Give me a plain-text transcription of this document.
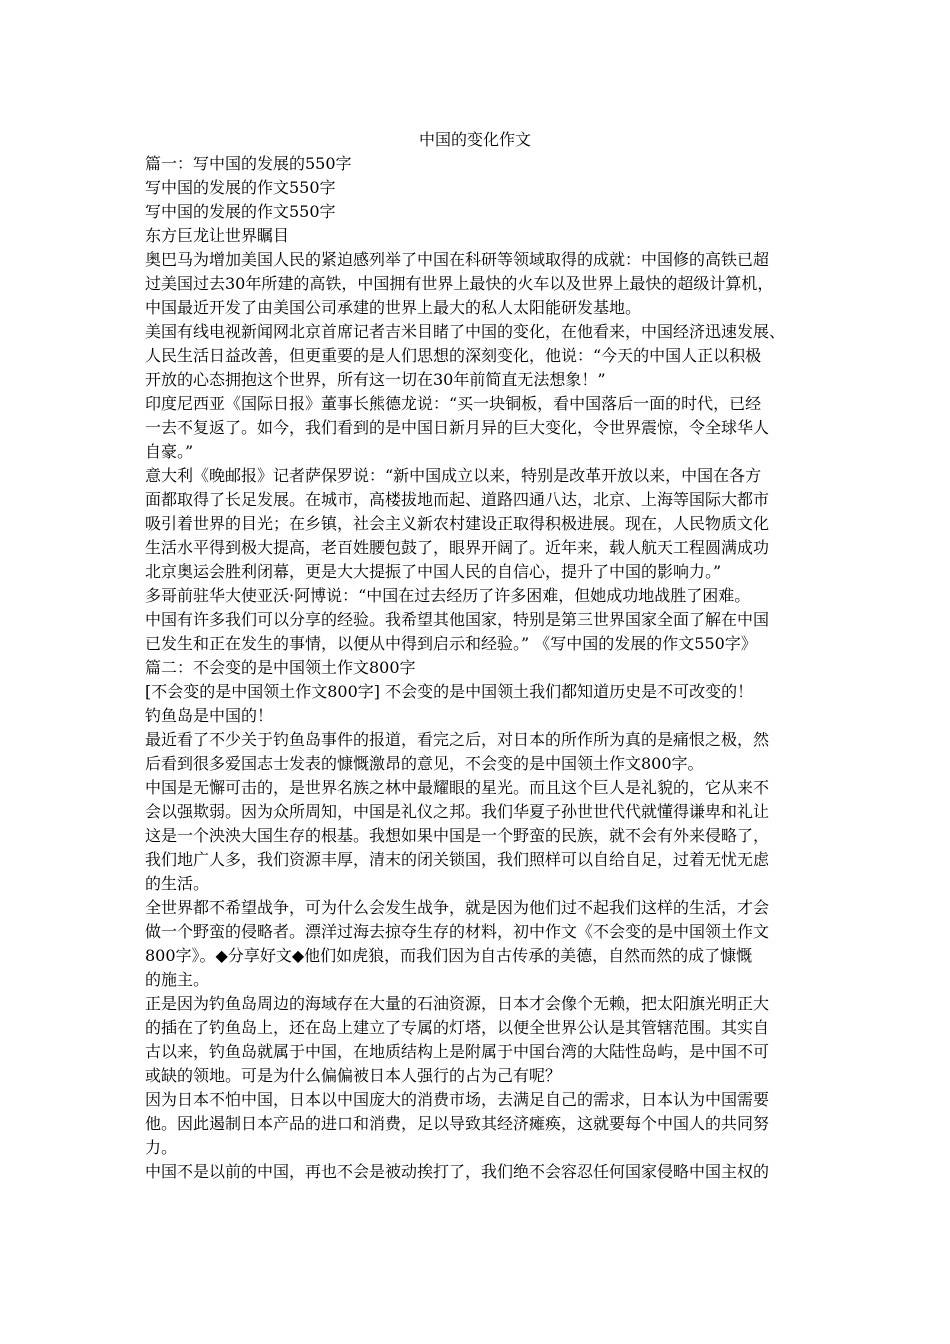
中国的变化作文
篇一：写中国的发展的550字
写中国的发展的作文550字
写中国的发展的作文550字
东方巨龙让世界瞩目
奥巴马为增加美国人民的紧迫感列举了中国在科研等领域取得的成就：中国修的高铁已超
过美国过去30年所建的高铁，中国拥有世界上最快的火车以及世界上最快的超级计算机，
中国最近开发了由美国公司承建的世界上最大的私人太阳能研发基地。
美国有线电视新闻网北京首席记者吉米目睹了中国的变化，在他看来，中国经济迅速发展、
人民生活日益改善，但更重要的是人们思想的深刻变化，他说：“今天的中国人正以积极
开放的心态拥抱这个世界，所有这一切在30年前简直无法想象！”
印度尼西亚《国际日报》董事长熊德龙说：“买一块铜板，看中国落后一面的时代，已经
一去不复返了。如今，我们看到的是中国日新月异的巨大变化，令世界震惊，令全球华人
自豪。”
意大利《晚邮报》记者萨保罗说：“新中国成立以来，特别是改革开放以来，中国在各方
面都取得了长足发展。在城市，高楼拔地而起、道路四通八达，北京、上海等国际大都市
吸引着世界的目光；在乡镇，社会主义新农村建设正取得积极进展。现在，人民物质文化
生活水平得到极大提高，老百姓腰包鼓了，眼界开阔了。近年来，载人航天工程圆满成功
北京奥运会胜利闭幕，更是大大提振了中国人民的自信心，提升了中国的影响力。”
多哥前驻华大使亚沃·阿博说：“中国在过去经历了许多困难，但她成功地战胜了困难。
中国有许多我们可以分享的经验。我希望其他国家，特别是第三世界国家全面了解在中国
已发生和正在发生的事情，以便从中得到启示和经验。” 《写中国的发展的作文550字》
篇二：不会变的是中国领土作文800字
[不会变的是中国领土作文800字] 不会变的是中国领土我们都知道历史是不可改变的！
钓鱼岛是中国的！
最近看了不少关于钓鱼岛事件的报道，看完之后，对日本的所作所为真的是痛恨之极，然
后看到很多爱国志士发表的慷慨激昂的意见，不会变的是中国领土作文800字。
中国是无懈可击的，是世界名族之林中最耀眼的星光。而且这个巨人是礼貌的，它从来不
会以强欺弱。因为众所周知，中国是礼仪之邦。我们华夏子孙世世代代就懂得谦卑和礼让
这是一个泱泱大国生存的根基。我想如果中国是一个野蛮的民族，就不会有外来侵略了，
我们地广人多，我们资源丰厚，清末的闭关锁国，我们照样可以自给自足，过着无忧无虑
的生活。
全世界都不希望战争，可为什么会发生战争，就是因为他们过不起我们这样的生活，才会
做一个野蛮的侵略者。漂洋过海去掠夺生存的材料，初中作文《不会变的是中国领土作文
800字》。◆分享好文◆他们如虎狼，而我们因为自古传承的美德，自然而然的成了慷慨
的施主。
正是因为钓鱼岛周边的海域存在大量的石油资源，日本才会像个无赖，把太阳旗光明正大
的插在了钓鱼岛上，还在岛上建立了专属的灯塔，以便全世界公认是其管辖范围。其实自
古以来，钓鱼岛就属于中国，在地质结构上是附属于中国台湾的大陆性岛屿，是中国不可
或缺的领地。可是为什么偏偏被日本人强行的占为己有呢？
因为日本不怕中国，日本以中国庞大的消费市场，去满足自己的需求，日本认为中国需要
他。因此遏制日本产品的进口和消费，足以导致其经济瘫痪，这就要每个中国人的共同努
力。
中国不是以前的中国，再也不会是被动挨打了，我们绝不会容忍任何国家侵略中国主权的
